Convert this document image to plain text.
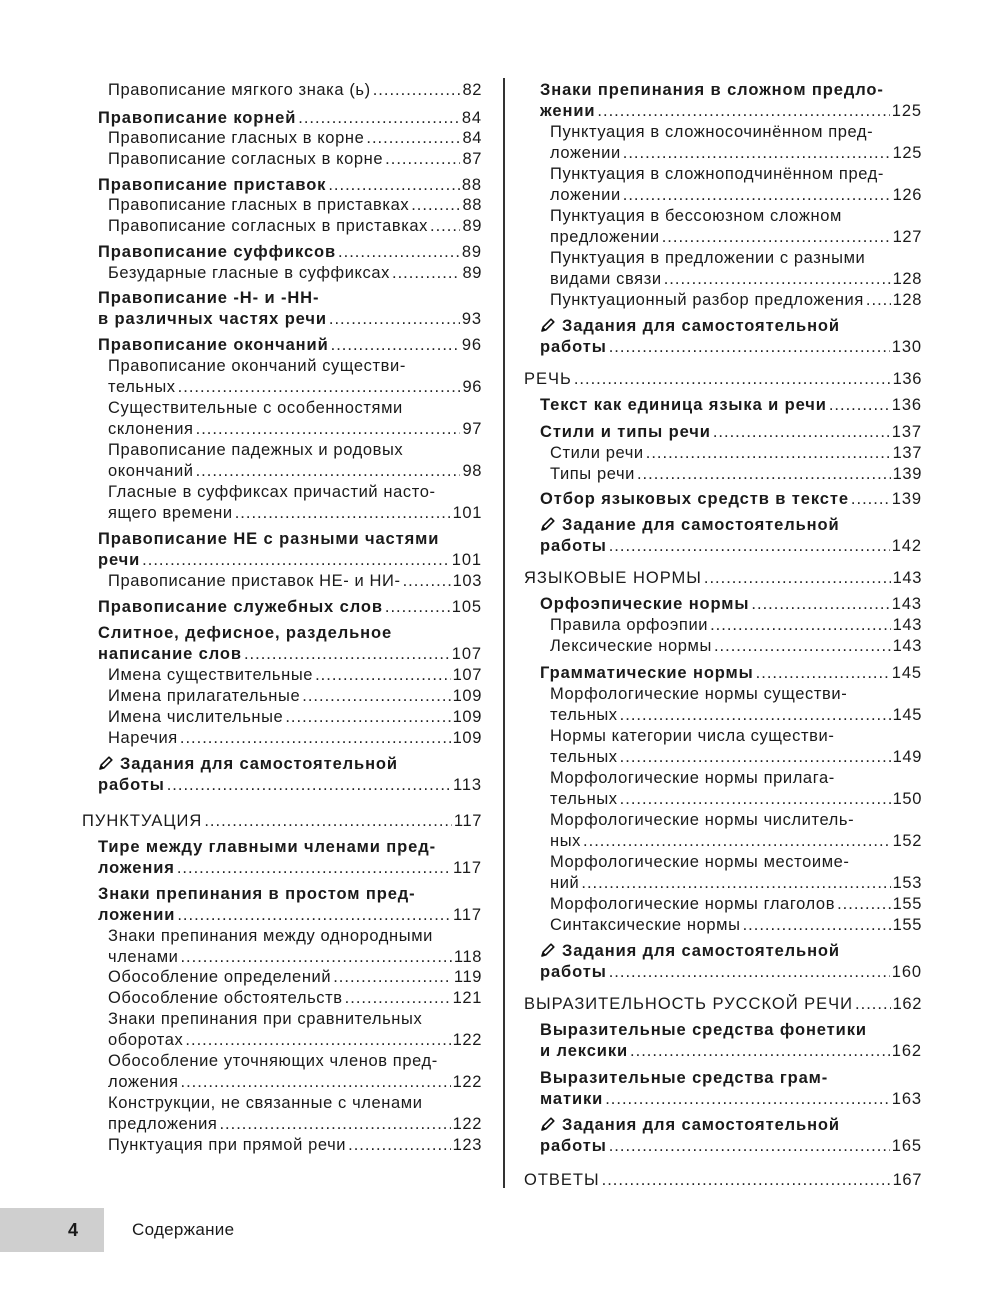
Правописание мягкого знака (ь) .....	82
Правописание корней .....	84
Правописание гласных в корне .....	84
Правописание согласных в корне .....	87
Правописание приставок .....	88
Правописание гласных в приставках .....	88
Правописание согласных в приставках ..... 89
Правописание суффиксов .....	89
Безударные гласные в суффиксах .....	89
Правописание -Н- и -НН-
в различных частях речи .....	93
Правописание окончаний .....	96
Правописание окончаний существи-
тельных .....	96
Существительные с особенностями
склонения .....	97
Правописание падежных и родовых
окончаний .....	98
Гласные в суффиксах причастий насто-
ящего времени .....	101
Правописание НЕ с разными частями
речи .....	101
Правописание приставок НЕ- и НИ- .....	103
Правописание служебных слов .....	105
Слитное, дефисное, раздельное
написание слов .....	107
Имена существительные .....	107
Имена прилагательные .....	109
Имена числительные .....	109
Наречия .....	109
Задания для самостоятельной
работы .....	113
ПУНКТУАЦИЯ .....	117
Тире между главными членами пред-
ложения .....	117
Знаки препинания в простом пред-
ложении .....	117
Знаки препинания между однородными
членами .....	118
Обособление определений .....	119
Обособление обстоятельств .....	121
Знаки препинания при сравнительных
оборотах .....	122
Обособление уточняющих членов пред-
ложения .....	122
Конструкции, не связанные с членами
предложения .....	122
Пунктуация при прямой речи .....	123
Знаки препинания в сложном предло-
жении .....	125
Пунктуация в сложносочинённом пред-
ложении .....	125
Пунктуация в сложноподчинённом пред-
ложении .....	126
Пунктуация в бессоюзном сложном
предложении .....	127
Пунктуация в предложении с разными
видами связи .....	128
Пунктуационный разбор предложения ..... 128
Задания для самостоятельной
работы .....	130
РЕЧЬ .....	136
Текст как единица языка и речи .....	136
Стили и типы речи .....	137
Стили речи .....	137
Типы речи .....	139
Отбор языковых средств в тексте .....	139
Задание для самостоятельной
работы .....	142
ЯЗЫКОВЫЕ НОРМЫ .....	143
Орфоэпические нормы .....	143
Правила орфоэпии .....	143
Лексические нормы .....	143
Грамматические нормы .....	145
Морфологические нормы существи-
тельных .....	145
Нормы категории числа существи-
тельных .....	149
Морфологические нормы прилага-
тельных .....	150
Морфологические нормы числитель-
ных .....	152
Морфологические нормы местоиме-
ний .....	153
Морфологические нормы глаголов .....	155
Синтаксические нормы .....	155
Задания для самостоятельной
работы .....	160
ВЫРАЗИТЕЛЬНОСТЬ РУССКОЙ РЕЧИ ..... 162
Выразительные средства фонетики
и лексики .....	162
Выразительные средства грам-
матики .....	163
Задания для самостоятельной
работы .....	165
ОТВЕТЫ .....	167
4	Содержание
